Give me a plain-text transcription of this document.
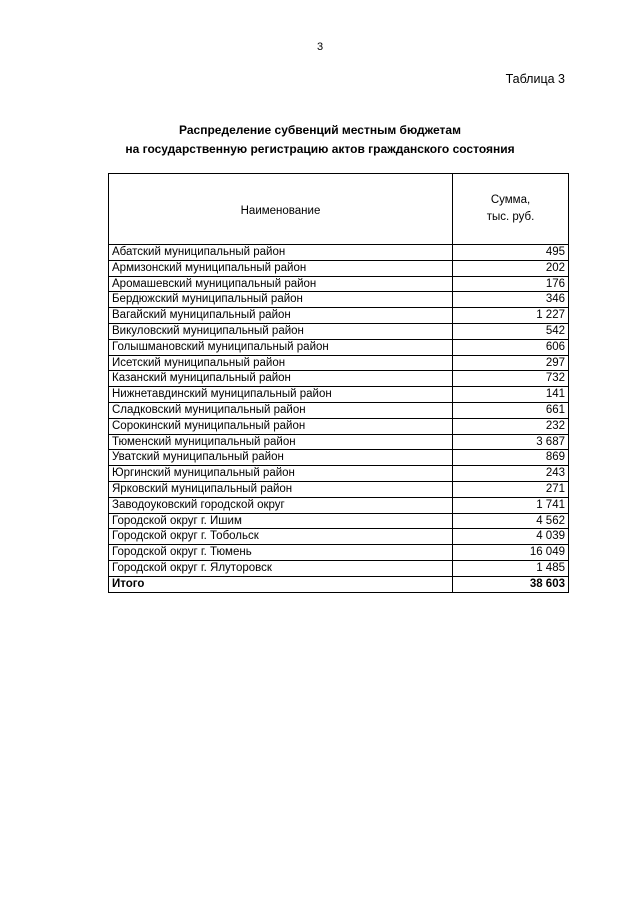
3
Таблица 3
Распределение субвенций местным бюджетам
на государственную регистрацию актов гражданского состояния
Наименование	Сумма,
тыс. руб.

Абатский муниципальный район	495
Армизонский муниципальный район	202
Аромашевский муниципальный район	176
Бердюжский муниципальный район	346
Вагайский муниципальный район	1 227
Викуловский муниципальный район	542
Голышмановский муниципальный район	606
Исетский муниципальный район	297
Казанский муниципальный район	732
Нижнетавдинский муниципальный район	141
Сладковский муниципальный район	661
Сорокинский муниципальный район	232
Тюменский муниципальный район	3 687
Уватский муниципальный район	869
Юргинский муниципальный район	243
Ярковский муниципальный район	271
Заводоуковский городской округ	1 741
Городской округ г. Ишим	4 562
Городской округ г. Тобольск	4 039
Городской округ г. Тюмень	16 049
Городской округ г. Ялуторовск	1 485
Итого	38 603
